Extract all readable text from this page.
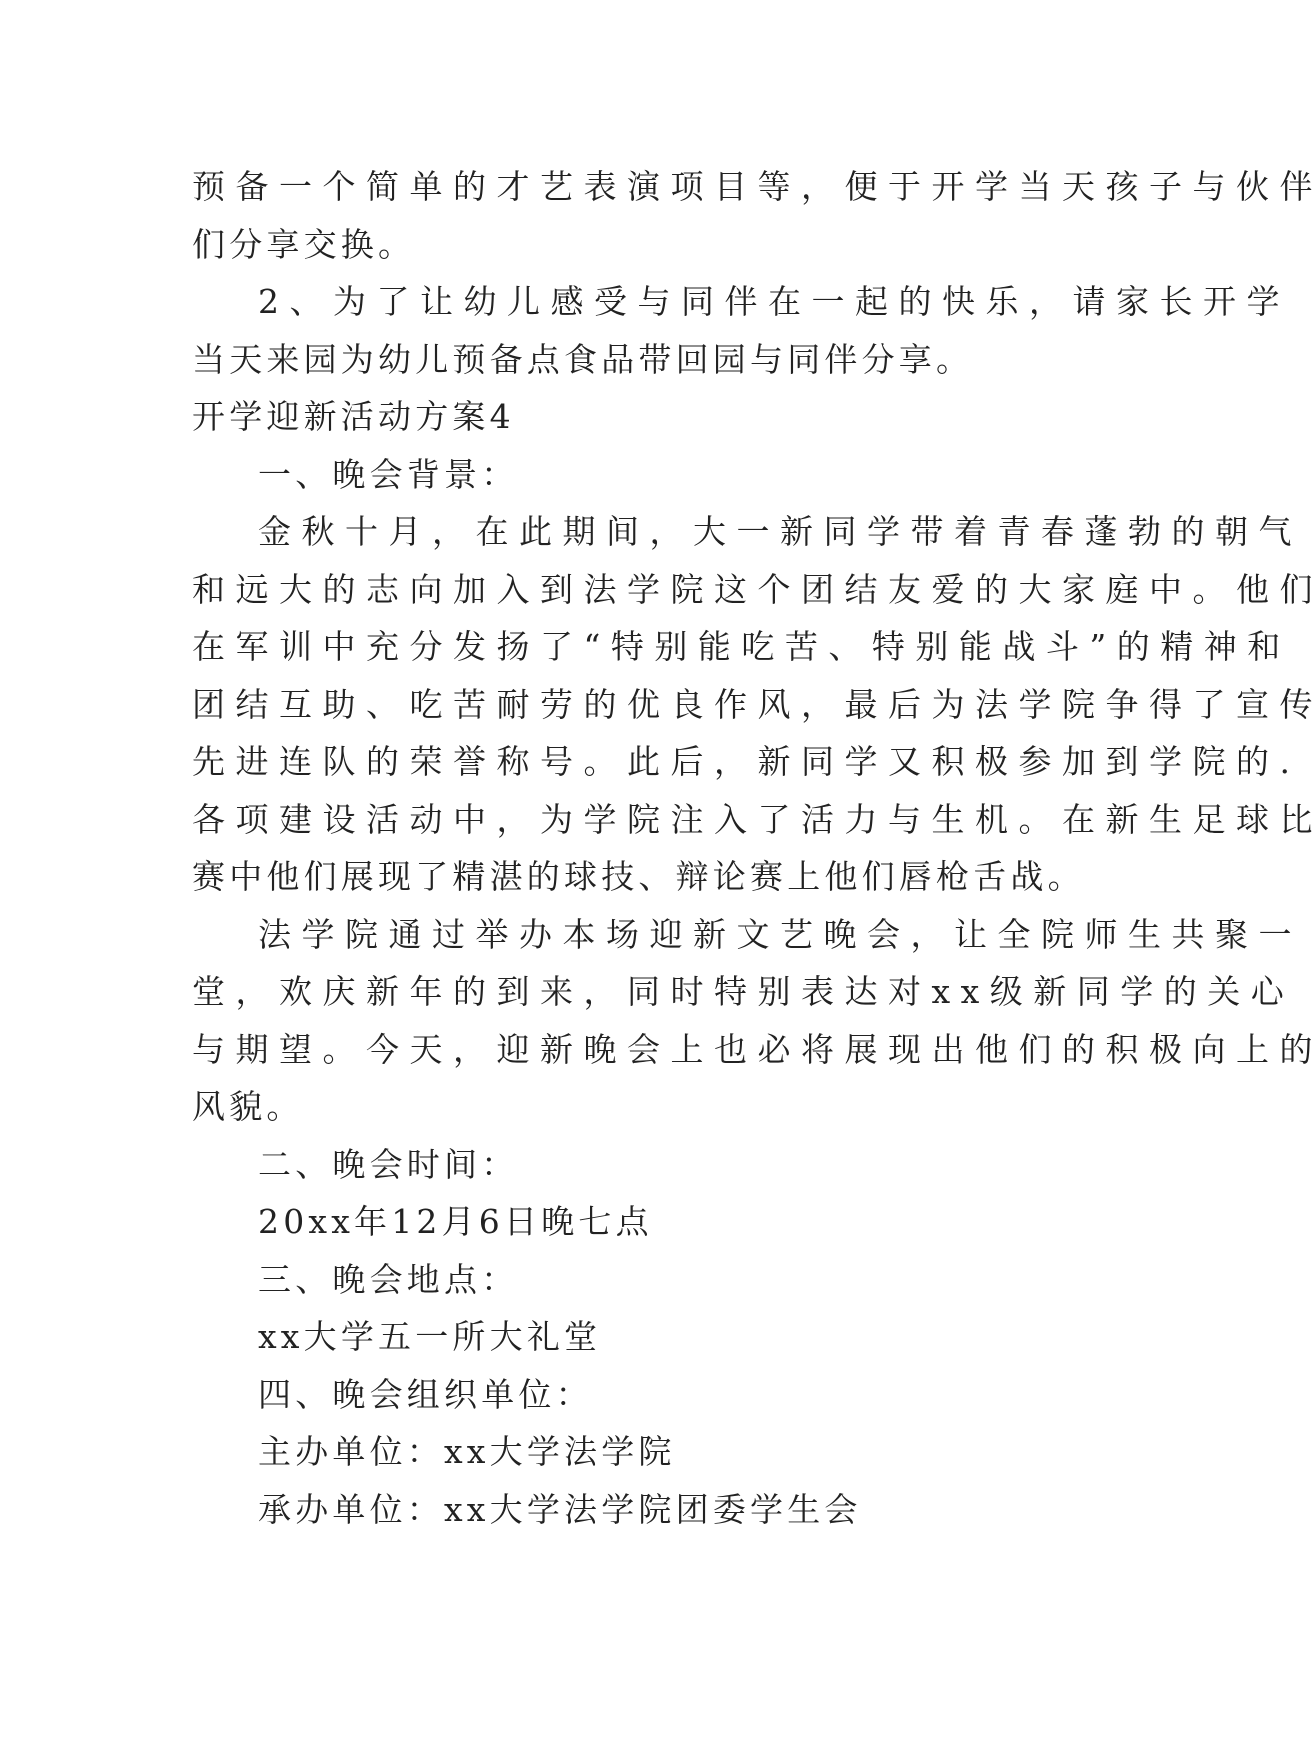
预 备 一 个 简 单 的 才 艺 表 演 项 目 等 ， 便 于 开 学 当 天 孩 子 与 伙 伴
们分享交换。
2 、 为 了 让 幼 儿 感 受 与 同 伴 在 一 起 的 快 乐 ， 请 家 长 开 学
当天来园为幼儿预备点食品带回园与同伴分享。
开学迎新活动方案4
一、晚会背景：
金 秋 十 月 ， 在 此 期 间 ， 大 一 新 同 学 带 着 青 春 蓬 勃 的 朝 气
和 远 大 的 志 向 加 入 到 法 学 院 这 个 团 结 友 爱 的 大 家 庭 中 。 他 们
在 军 训 中 充 分 发 扬 了 “ 特 别 能 吃 苦 、 特 别 能 战 斗 ” 的 精 神 和
团 结 互 助 、 吃 苦 耐 劳 的 优 良 作 风 ， 最 后 为 法 学 院 争 得 了 宣 传
先 进 连 队 的 荣 誉 称 号 。 此 后 ， 新 同 学 又 积 极 参 加 到 学 院 的 .
各 项 建 设 活 动 中 ， 为 学 院 注 入 了 活 力 与 生 机 。 在 新 生 足 球 比
赛中他们展现了精湛的球技、辩论赛上他们唇枪舌战。
法 学 院 通 过 举 办 本 场 迎 新 文 艺 晚 会 ， 让 全 院 师 生 共 聚 一
堂 ， 欢 庆 新 年 的 到 来 ， 同 时 特 别 表 达 对 x x 级 新 同 学 的 关 心
与 期 望 。 今 天 ， 迎 新 晚 会 上 也 必 将 展 现 出 他 们 的 积 极 向 上 的
风貌。
二、晚会时间：
20xx年12月6日晚七点
三、晚会地点：
xx大学五一所大礼堂
四、晚会组织单位：
主办单位：xx大学法学院
承办单位：xx大学法学院团委学生会
